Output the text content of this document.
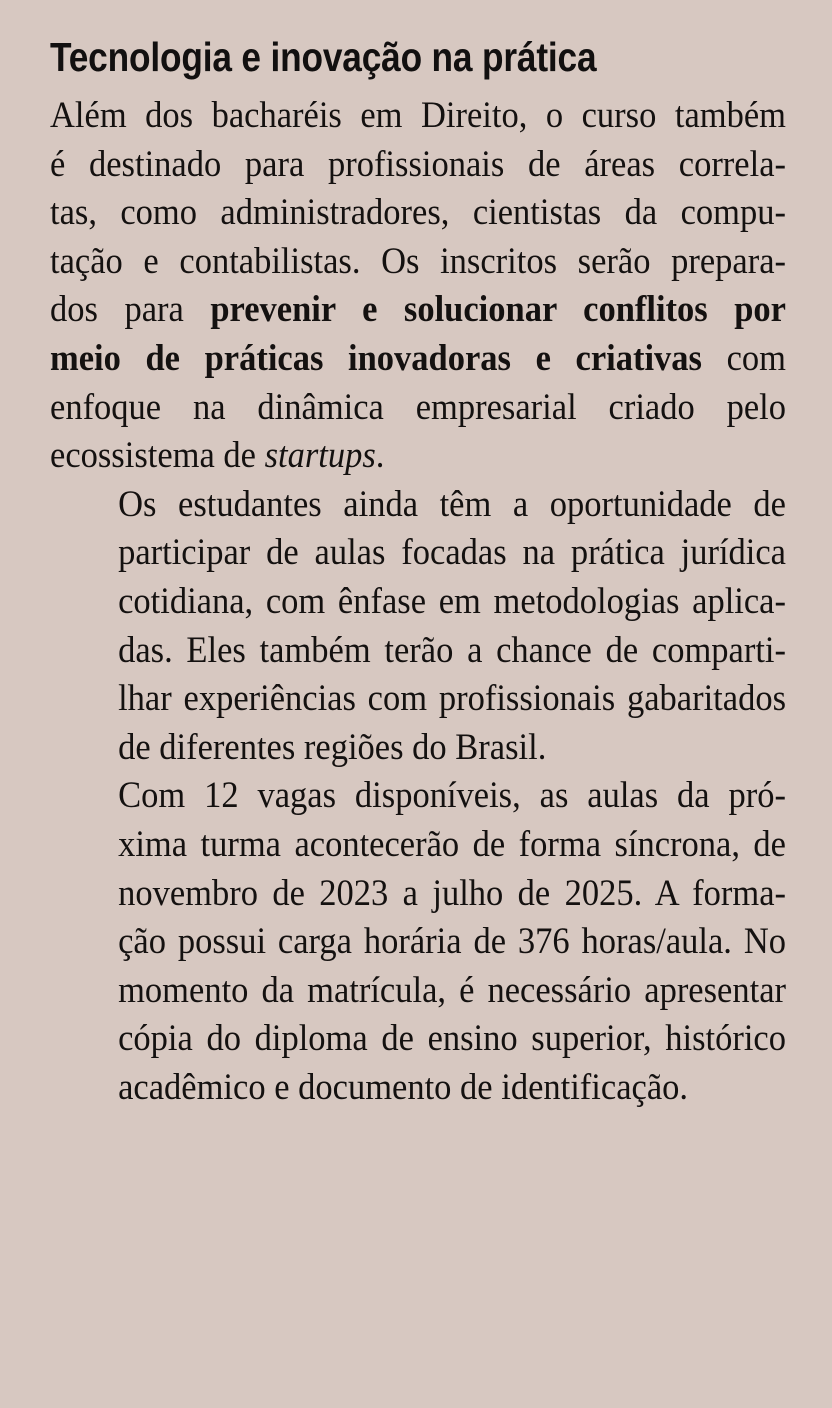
Tecnologia e inovação na prática

Além dos bacharéis em Direito, o curso também
é destinado para profissionais de áreas correla-
tas, como administradores, cientistas da compu-
tação e contabilistas. Os inscritos serão prepara-
dos para prevenir e solucionar conflitos por
meio de práticas inovadoras e criativas com
enfoque na dinâmica empresarial criado pelo
ecossistema de startups.

Os estudantes ainda têm a oportunidade de
participar de aulas focadas na prática jurídica
cotidiana, com ênfase em metodologias aplica-
das. Eles também terão a chance de comparti-
lhar experiências com profissionais gabaritados
de diferentes regiões do Brasil.

Com 12 vagas disponíveis, as aulas da pró-
xima turma acontecerão de forma síncrona, de
novembro de 2023 a julho de 2025. A forma-
ção possui carga horária de 376 horas/aula. No
momento da matrícula, é necessário apresentar
cópia do diploma de ensino superior, histórico
acadêmico e documento de identificação.
